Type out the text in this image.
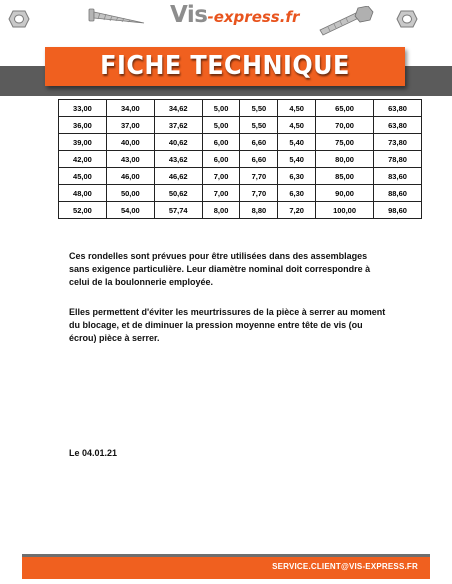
Vis-express.fr
FICHE TECHNIQUE
33,00	34,00	34,62	5,00	5,50	4,50	65,00	63,80
36,00	37,00	37,62	5,00	5,50	4,50	70,00	63,80
39,00	40,00	40,62	6,00	6,60	5,40	75,00	73,80
42,00	43,00	43,62	6,00	6,60	5,40	80,00	78,80
45,00	46,00	46,62	7,00	7,70	6,30	85,00	83,60
48,00	50,00	50,62	7,00	7,70	6,30	90,00	88,60
52,00	54,00	57,74	8,00	8,80	7,20	100,00	98,60

Ces rondelles sont prévues pour être utilisées dans des assemblages sans exigence particulière. Leur diamètre nominal doit correspondre à celui de la boulonnerie employée.

Elles permettent d'éviter les meurtrissures de la pièce à serrer au moment du blocage, et de diminuer la pression moyenne entre tête de vis (ou écrou) pièce à serrer.

Le 04.01.21
SERVICE.CLIENT@VIS-EXPRESS.FR
